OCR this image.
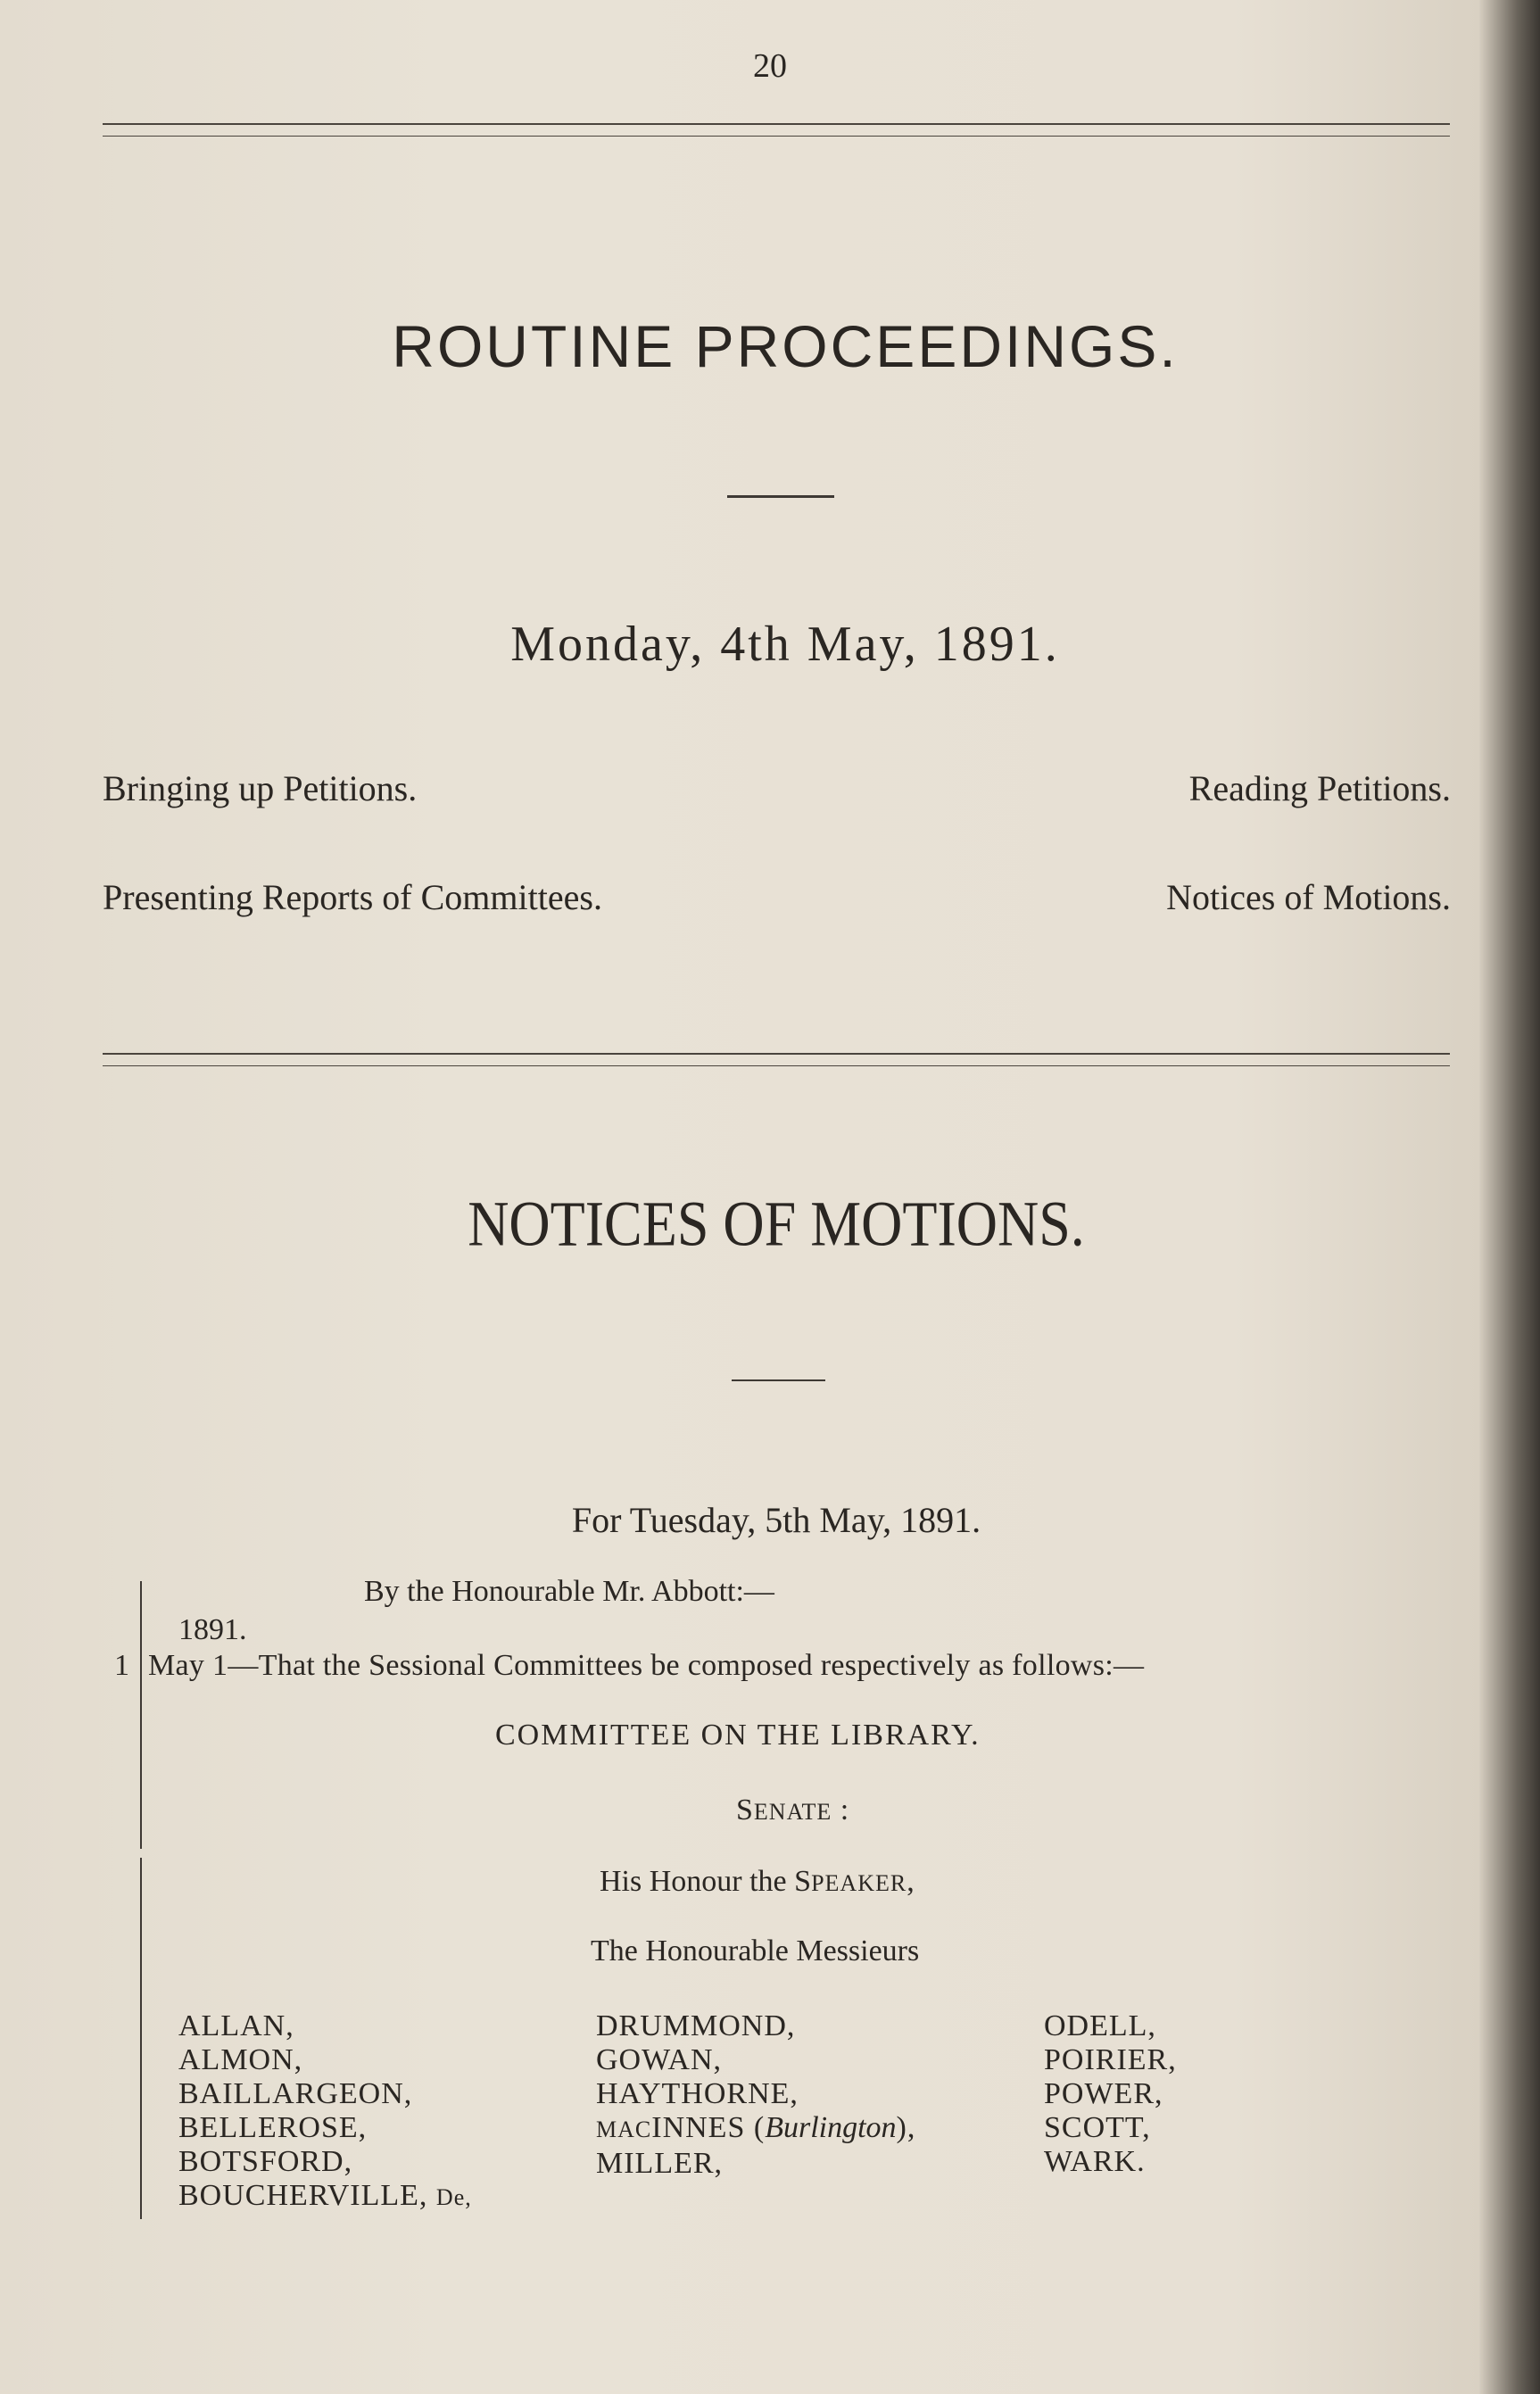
20
ROUTINE PROCEEDINGS.
Monday, 4th May, 1891.
Bringing up Petitions.	Reading Petitions.
Presenting Reports of Committees.	Notices of Motions.
NOTICES OF MOTIONS.
For Tuesday, 5th May, 1891.
By the Honourable Mr. Abbott:—
1891.
1 May 1—That the Sessional Committees be composed respectively as follows:—
COMMITTEE ON THE LIBRARY.
SENATE :
His Honour the SPEAKER,
The Honourable Messieurs
ALLAN,
ALMON,
BAILLARGEON,
BELLEROSE,
BOTSFORD,
BOUCHERVILLE, De,
DRUMMOND,
GOWAN,
HAYTHORNE,
MACINNES (Burlington),
MILLER,
ODELL,
POIRIER,
POWER,
SCOTT,
WARK.
